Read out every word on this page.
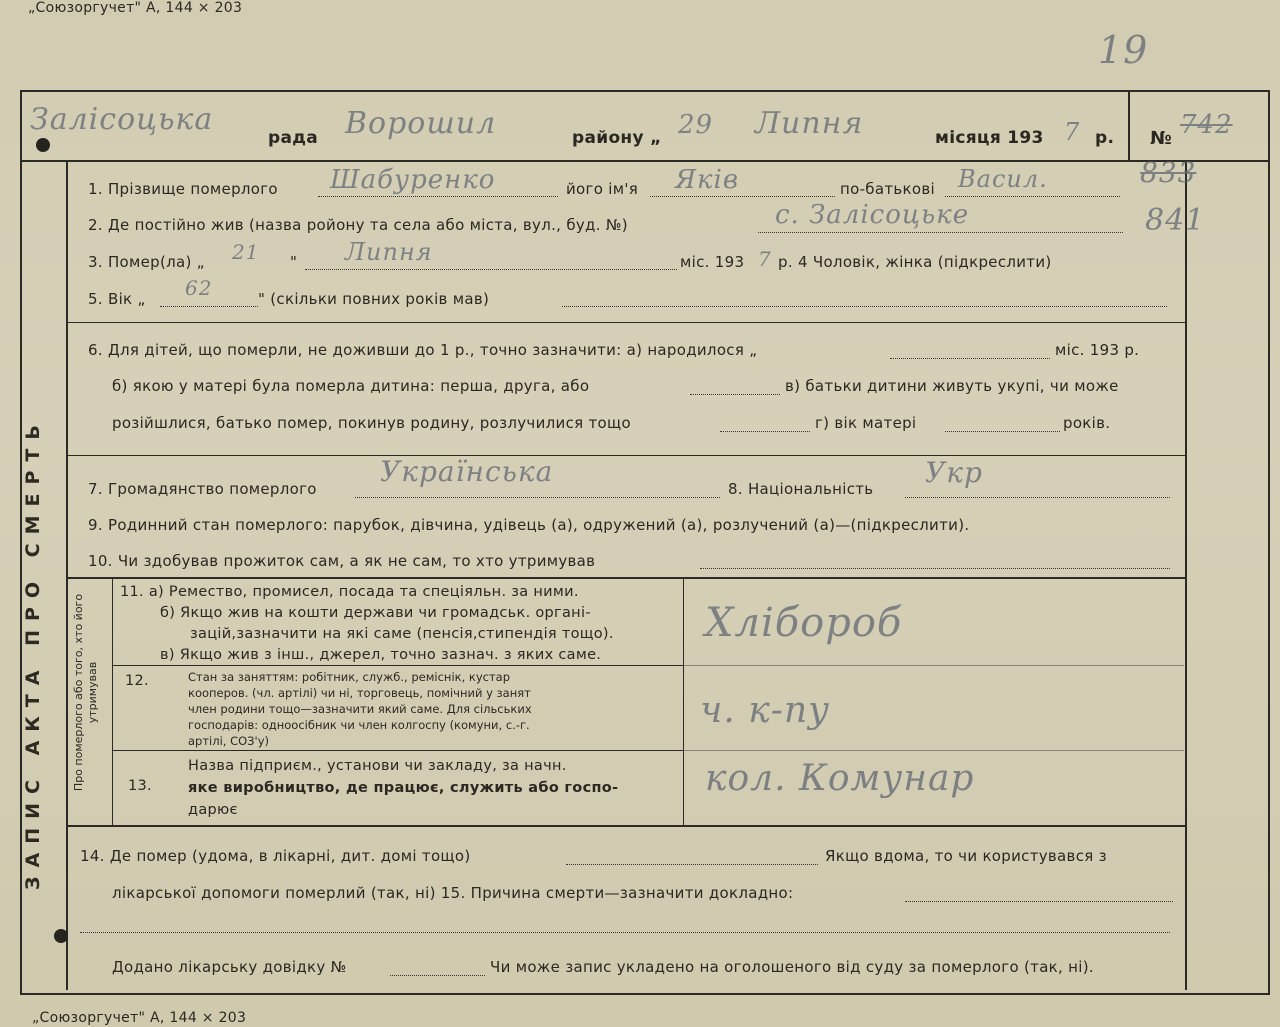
„Союзоргучет" А, 144 × 203
19
ЗАПИС АКТА ПРО СМЕРТЬ
Залісоцька
рада Ворошил	району „ 29 Липня	місяця 193 7 р. № 742
833
841
1. Прізвище померлого Шабуренко	його ім'я Яків	по-батькові Васил.
2. Де постійно жив (назва ройону та села або міста, вул., буд. №)	с. Залісоцьке
3. Помер(ла) „ 21 " Липня	міс. 193 7 р. 4 Чоловік, жінка (підкреслити)
5. Вік „ 62	" (скільки повних років мав)
6. Для дітей, що померли, не доживши до 1 р., точно зазначити: а) народилося „	міс. 193 р.
б) якою у матері була померла дитина: перша, друга, або	в) батьки дитини живуть укупі, чи може
розійшлися, батько помер, покинув родину, розлучилися тощо	г) вік матері	років.
7. Громадянство померлого
Українська
8. Національність Укр
9. Родинний стан померлого: парубок, дівчина, удівець (а), одружений (а), розлучений (а)—(підкреслити).
10. Чи здобував прожиток сам, а як не сам, то хто утримував
Про померлого або того, хто його утримував
11. а) Ремество, промисел, посада та спеціяльн. за ними.
б) Якщо жив на кошти держави чи громадськ. органі-
зацій,зазначити на які саме (пенсія,стипендія тощо).
в) Якщо жив з інш., джерел, точно зазнач. з яких саме.
Хлібороб
12.	Стан за заняттям: робітник, служб., реміснік, кустар
кооперов. (чл. артілі) чи ні, торговець, помічний у занят
член родини тощо—зазначити який саме. Для сільських
господарів: одноосібник чи член колгоспу (комуни, с.-г.
артілі, СОЗ'у)
ч. к-пу
13.
Назва підприєм., установи чи закладу, за начн.
яке виробництво, де працює, служить або госпо-
дарює
кол. Комунар
14. Де помер (удома, в лікарні, дит. домі тощо)	Якщо вдома, то чи користувався з
лікарської допомоги померлий (так, ні) 15. Причина смерти—зазначити докладно:
Додано лікарську довідку №	Чи може запис укладено на оголошеного від суду за померлого (так, ні).
„Союзоргучет" А, 144 × 203
